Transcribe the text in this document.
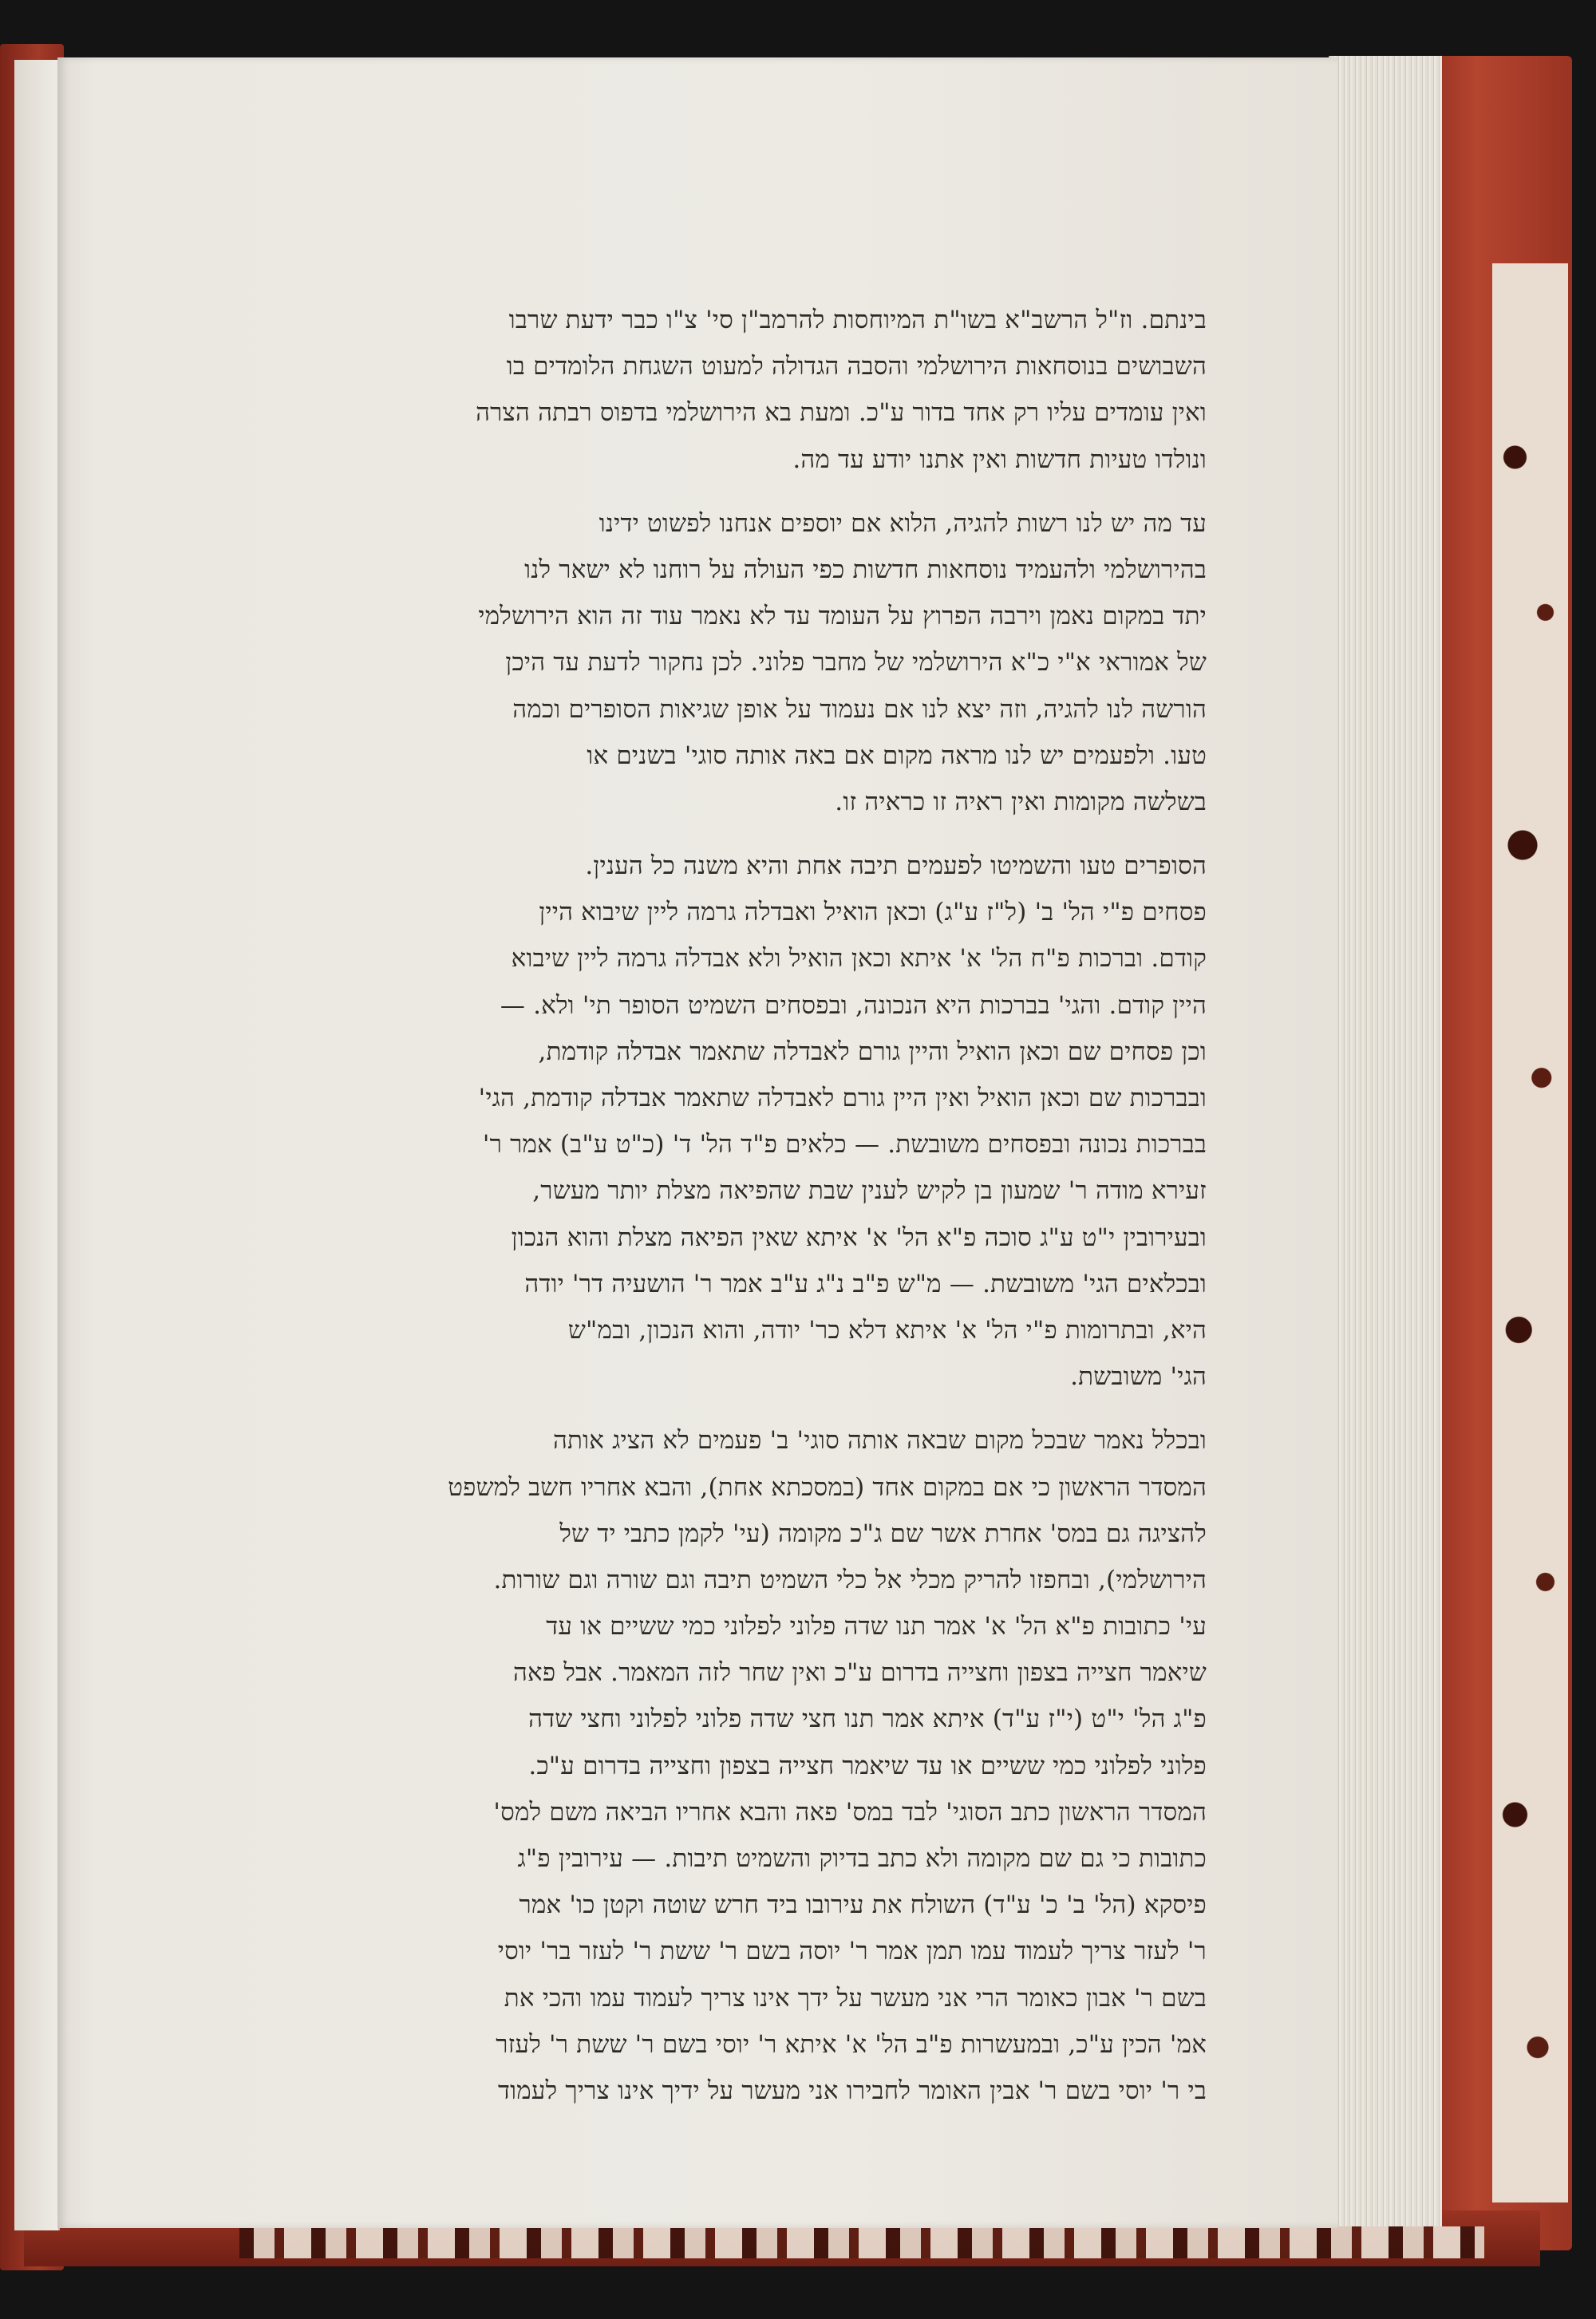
בינתם. וז"ל הרשב"א בשו"ת המיוחסות להרמב"ן סי' צ"ו כבר ידעת שרבו
השבושים בנוסחאות הירושלמי והסבה הגדולה למעוט השגחת הלומדים בו
ואין עומדים עליו רק אחד בדור ע"כ. ומעת בא הירושלמי בדפוס רבתה הצרה
ונולדו טעיות חדשות ואין אתנו יודע עד מה.
עד מה יש לנו רשות להגיה, הלוא אם יוספים אנחנו לפשוט ידינו
בהירושלמי ולהעמיד נוסחאות חדשות כפי העולה על רוחנו לא ישאר לנו
יתד במקום נאמן וירבה הפרוץ על העומד עד לא נאמר עוד זה הוא הירושלמי
של אמוראי א"י כ"א הירושלמי של מחבר פלוני. לכן נחקור לדעת עד היכן
הורשה לנו להגיה, וזה יצא לנו אם נעמוד על אופן שגיאות הסופרים וכמה
טעו. ולפעמים יש לנו מראה מקום אם באה אותה סוגי' בשנים או
בשלשה מקומות ואין ראיה זו כראיה זו.
הסופרים טעו והשמיטו לפעמים תיבה אחת והיא משנה כל הענין.
פסחים פ"י הל' ב' (ל"ז ע"ג) וכאן הואיל ואבדלה גרמה ליין שיבוא היין
קודם. וברכות פ"ח הל' א' איתא וכאן הואיל ולא אבדלה גרמה ליין שיבוא
היין קודם. והגי' בברכות היא הנכונה, ובפסחים השמיט הסופר תי' ולא. —
וכן פסחים שם וכאן הואיל והיין גורם לאבדלה שתאמר אבדלה קודמת,
ובברכות שם וכאן הואיל ואין היין גורם לאבדלה שתאמר אבדלה קודמת, הגי'
בברכות נכונה ובפסחים משובשת. — כלאים פ"ד הל' ד' (כ"ט ע"ב) אמר ר'
זעירא מודה ר' שמעון בן לקיש לענין שבת שהפיאה מצלת יותר מעשר,
ובעירובין י"ט ע"ג סוכה פ"א הל' א' איתא שאין הפיאה מצלת והוא הנכון
ובכלאים הגי' משובשת. — מ"ש פ"ב נ"ג ע"ב אמר ר' הושעיה דר' יודה
היא, ובתרומות פ"י הל' א' איתא דלא כר' יודה, והוא הנכון, ובמ"ש
הגי' משובשת.
ובכלל נאמר שבכל מקום שבאה אותה סוגי' ב' פעמים לא הציג אותה
המסדר הראשון כי אם במקום אחד (במסכתא אחת), והבא אחריו חשב למשפט
להציגה גם במס' אחרת אשר שם ג"כ מקומה (עי' לקמן כתבי יד של
הירושלמי), ובחפזו להריק מכלי אל כלי השמיט תיבה וגם שורה וגם שורות.
עי' כתובות פ"א הל' א' אמר תנו שדה פלוני לפלוני כמי ששיים או עד
שיאמר חצייה בצפון וחצייה בדרום ע"כ ואין שחר לזה המאמר. אבל פאה
פ"ג הל' י"ט (י"ז ע"ד) איתא אמר תנו חצי שדה פלוני לפלוני וחצי שדה
פלוני לפלוני כמי ששיים או עד שיאמר חצייה בצפון וחצייה בדרום ע"כ.
המסדר הראשון כתב הסוגי' לבד במס' פאה והבא אחריו הביאה משם למס'
כתובות כי גם שם מקומה ולא כתב בדיוק והשמיט תיבות. — עירובין פ"ג
פיסקא (הל' ב' כ' ע"ד) השולח את עירובו ביד חרש שוטה וקטן כו' אמר
ר' לעזר צריך לעמוד עמו תמן אמר ר' יוסה בשם ר' ששת ר' לעזר בר' יוסי
בשם ר' אבון כאומר הרי אני מעשר על ידך אינו צריך לעמוד עמו והכי את
אמ' הכין ע"כ, ובמעשרות פ"ב הל' א' איתא ר' יוסי בשם ר' ששת ר' לעזר
בי ר' יוסי בשם ר' אבין האומר לחבירו אני מעשר על ידיך אינו צריך לעמוד
